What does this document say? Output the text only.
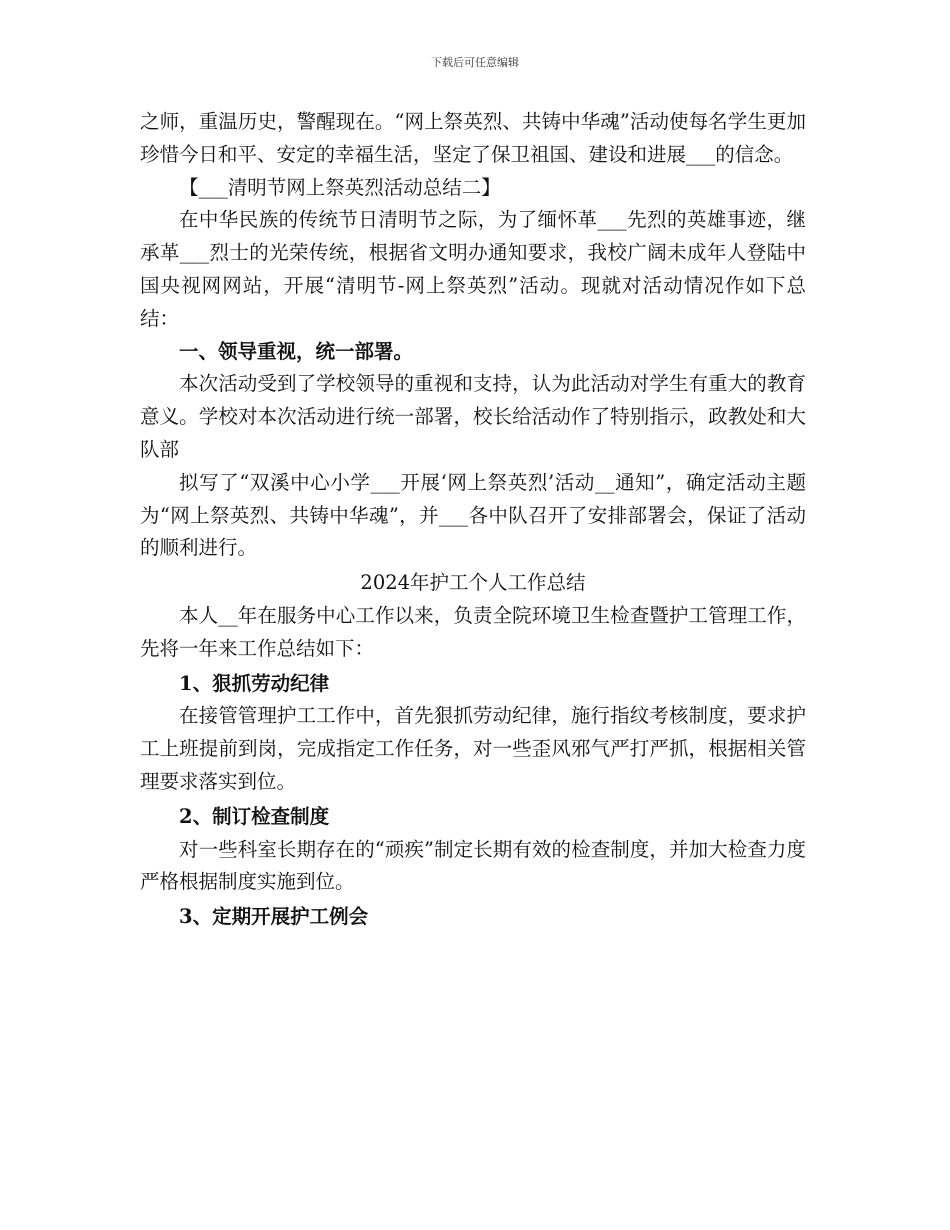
下载后可任意编辑

之师，重温历史，警醒现在。“网上祭英烈、共铸中华魂”活动使每名学生更加珍惜今日和平、安定的幸福生活，坚定了保卫祖国、建设和进展___的信念。

【___清明节网上祭英烈活动总结二】

在中华民族的传统节日清明节之际，为了缅怀革___先烈的英雄事迹，继承革___烈士的光荣传统，根据省文明办通知要求，我校广阔未成年人登陆中国央视网网站，开展“清明节-网上祭英烈”活动。现就对活动情况作如下总结：

一、领导重视，统一部署。

本次活动受到了学校领导的重视和支持，认为此活动对学生有重大的教育意义。学校对本次活动进行统一部署，校长给活动作了特别指示，政教处和大队部

拟写了“双溪中心小学___开展‘网上祭英烈’活动__通知”，确定活动主题为“网上祭英烈、共铸中华魂”，并___各中队召开了安排部署会，保证了活动的顺利进行。

2024年护工个人工作总结

本人__年在服务中心工作以来，负责全院环境卫生检查暨护工管理工作，先将一年来工作总结如下：

1、狠抓劳动纪律

在接管管理护工工作中，首先狠抓劳动纪律，施行指纹考核制度，要求护工上班提前到岗，完成指定工作任务，对一些歪风邪气严打严抓，根据相关管理要求落实到位。

2、制订检查制度

对一些科室长期存在的“顽疾”制定长期有效的检查制度，并加大检查力度严格根据制度实施到位。

3、定期开展护工例会
